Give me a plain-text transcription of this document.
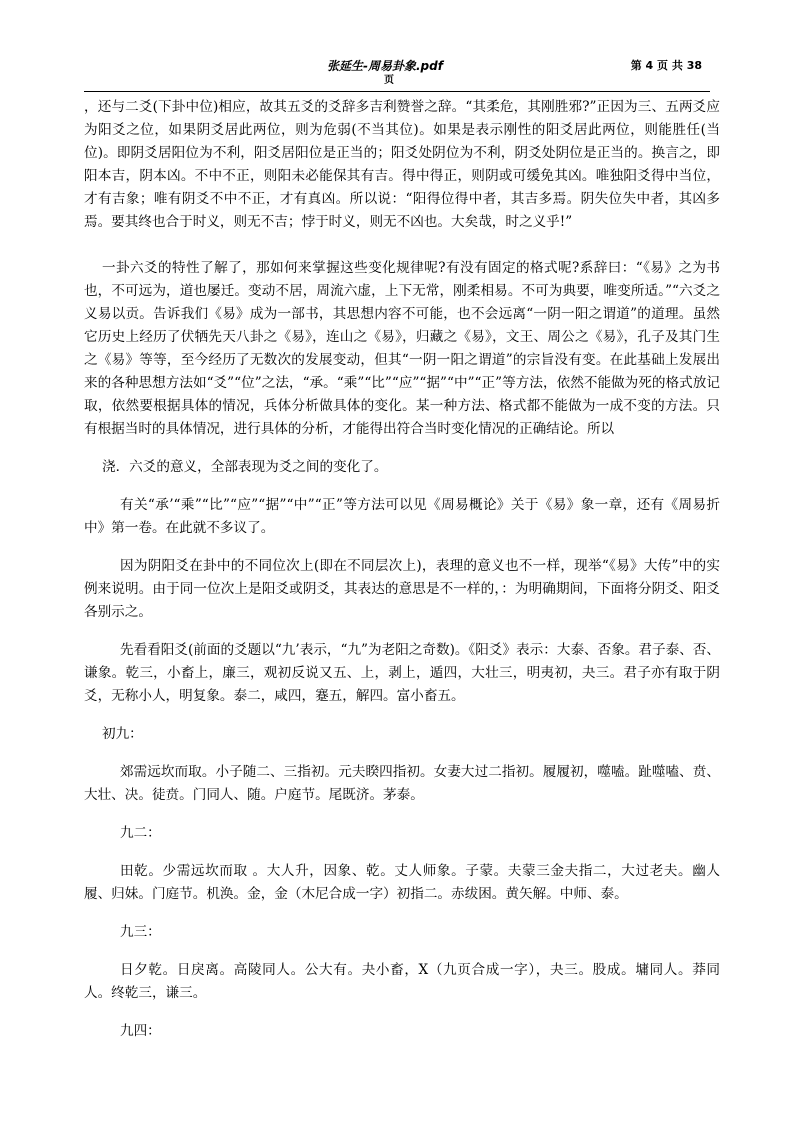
张延生-周易卦象.pdf
页
第 4 页 共 38

，还与二爻(下卦中位)相应，故其五爻的爻辞多吉利赞誉之辞。“其柔危，其刚胜邪?”正因为三、五两爻应为阳爻之位，如果阴爻居此两位，则为危弱(不当其位)。如果是表示刚性的阳爻居此两位，则能胜任(当位)。即阴爻居阳位为不利，阳爻居阳位是正当的；阳爻处阴位为不利，阴爻处阴位是正当的。换言之，即阳本吉，阴本凶。不中不正，则阳未必能保其有吉。得中得正，则阴或可缓免其凶。唯独阳爻得中当位，才有吉象；唯有阴爻不中不正，才有真凶。所以说：“阳得位得中者，其吉多焉。阴失位失中者，其凶多焉。要其终也合于时义，则无不吉；悖于时义，则无不凶也。大矣哉，时之义乎!”

一卦六爻的特性了解了，那如何来掌握这些变化规律呢?有没有固定的格式呢?系辞曰：“《易》之为书也，不可远为，道也屡迁。变动不居，周流六虚，上下无常，刚柔相易。不可为典要，唯变所适。”“六爻之义易以贡。告诉我们《易》成为一部书，其思想内容不可能，也不会远离“一阴一阳之谓道”的道理。虽然它历史上经历了伏牺先天八卦之《易》，连山之《易》，归藏之《易》，文王、周公之《易》，孔子及其门生之《易》等等，至今经历了无数次的发展变动，但其“一阴一阳之谓道”的宗旨没有变。在此基础上发展出来的各种思想方法如“爻”“位”之法，“承。“乘”“比”“应”“据”“中”“正”等方法，依然不能做为死的格式放记取，依然要根据具体的情况，兵体分析做具体的变化。某一种方法、格式都不能做为一成不变的方法。只有根据当时的具体情况，进行具体的分析，才能得出符合当时变化情况的正确结论。所以

浇．六爻的意义，全部表现为爻之间的变化了。

有关“承’“乘”“比”“应”“据”“中”“正”等方法可以见《周易概论》关于《易》象一章，还有《周易折中》第一卷。在此就不多议了。

因为阴阳爻在卦中的不同位次上(即在不同层次上)，表理的意义也不一样，现举“《易》大传”中的实例来说明。由于同一位次上是阳爻或阴爻，其表达的意思是不一样的，：为明确期间，下面将分阴爻、阳爻各别示之。

先看看阳爻(前面的爻题以“九’表示，“九”为老阳之奇数)。《阳爻》表示：大泰、否象。君子泰、否、谦象。乾三，小畜上，廉三，观初反说又五、上，剥上，遁四，大壮三，明夷初，夬三。君子亦有取于阴爻，无称小人，明复象。泰二，咸四，蹇五，解四。富小畜五。

初九：

郊需远坎而取。小子随二、三指初。元夫睽四指初。女妻大过二指初。履履初，噬嗑。趾噬嗑、贲、大壮、决。徒贲。门同人、随。户庭节。尾既济。茅泰。

九二：

田乾。少需远坎而取 。大人升，因象、乾。丈人师象。子蒙。夫蒙三金夫指二，大过老夫。幽人履、归妹。门庭节。机涣。金，金（木尼合成一字）初指二。赤绂困。黄矢解。中师、泰。

九三：

日夕乾。日戾离。高陵同人。公大有。夬小畜，X（九页合成一字），夬三。股成。墉同人。莽同人。终乾三，谦三。

九四：
